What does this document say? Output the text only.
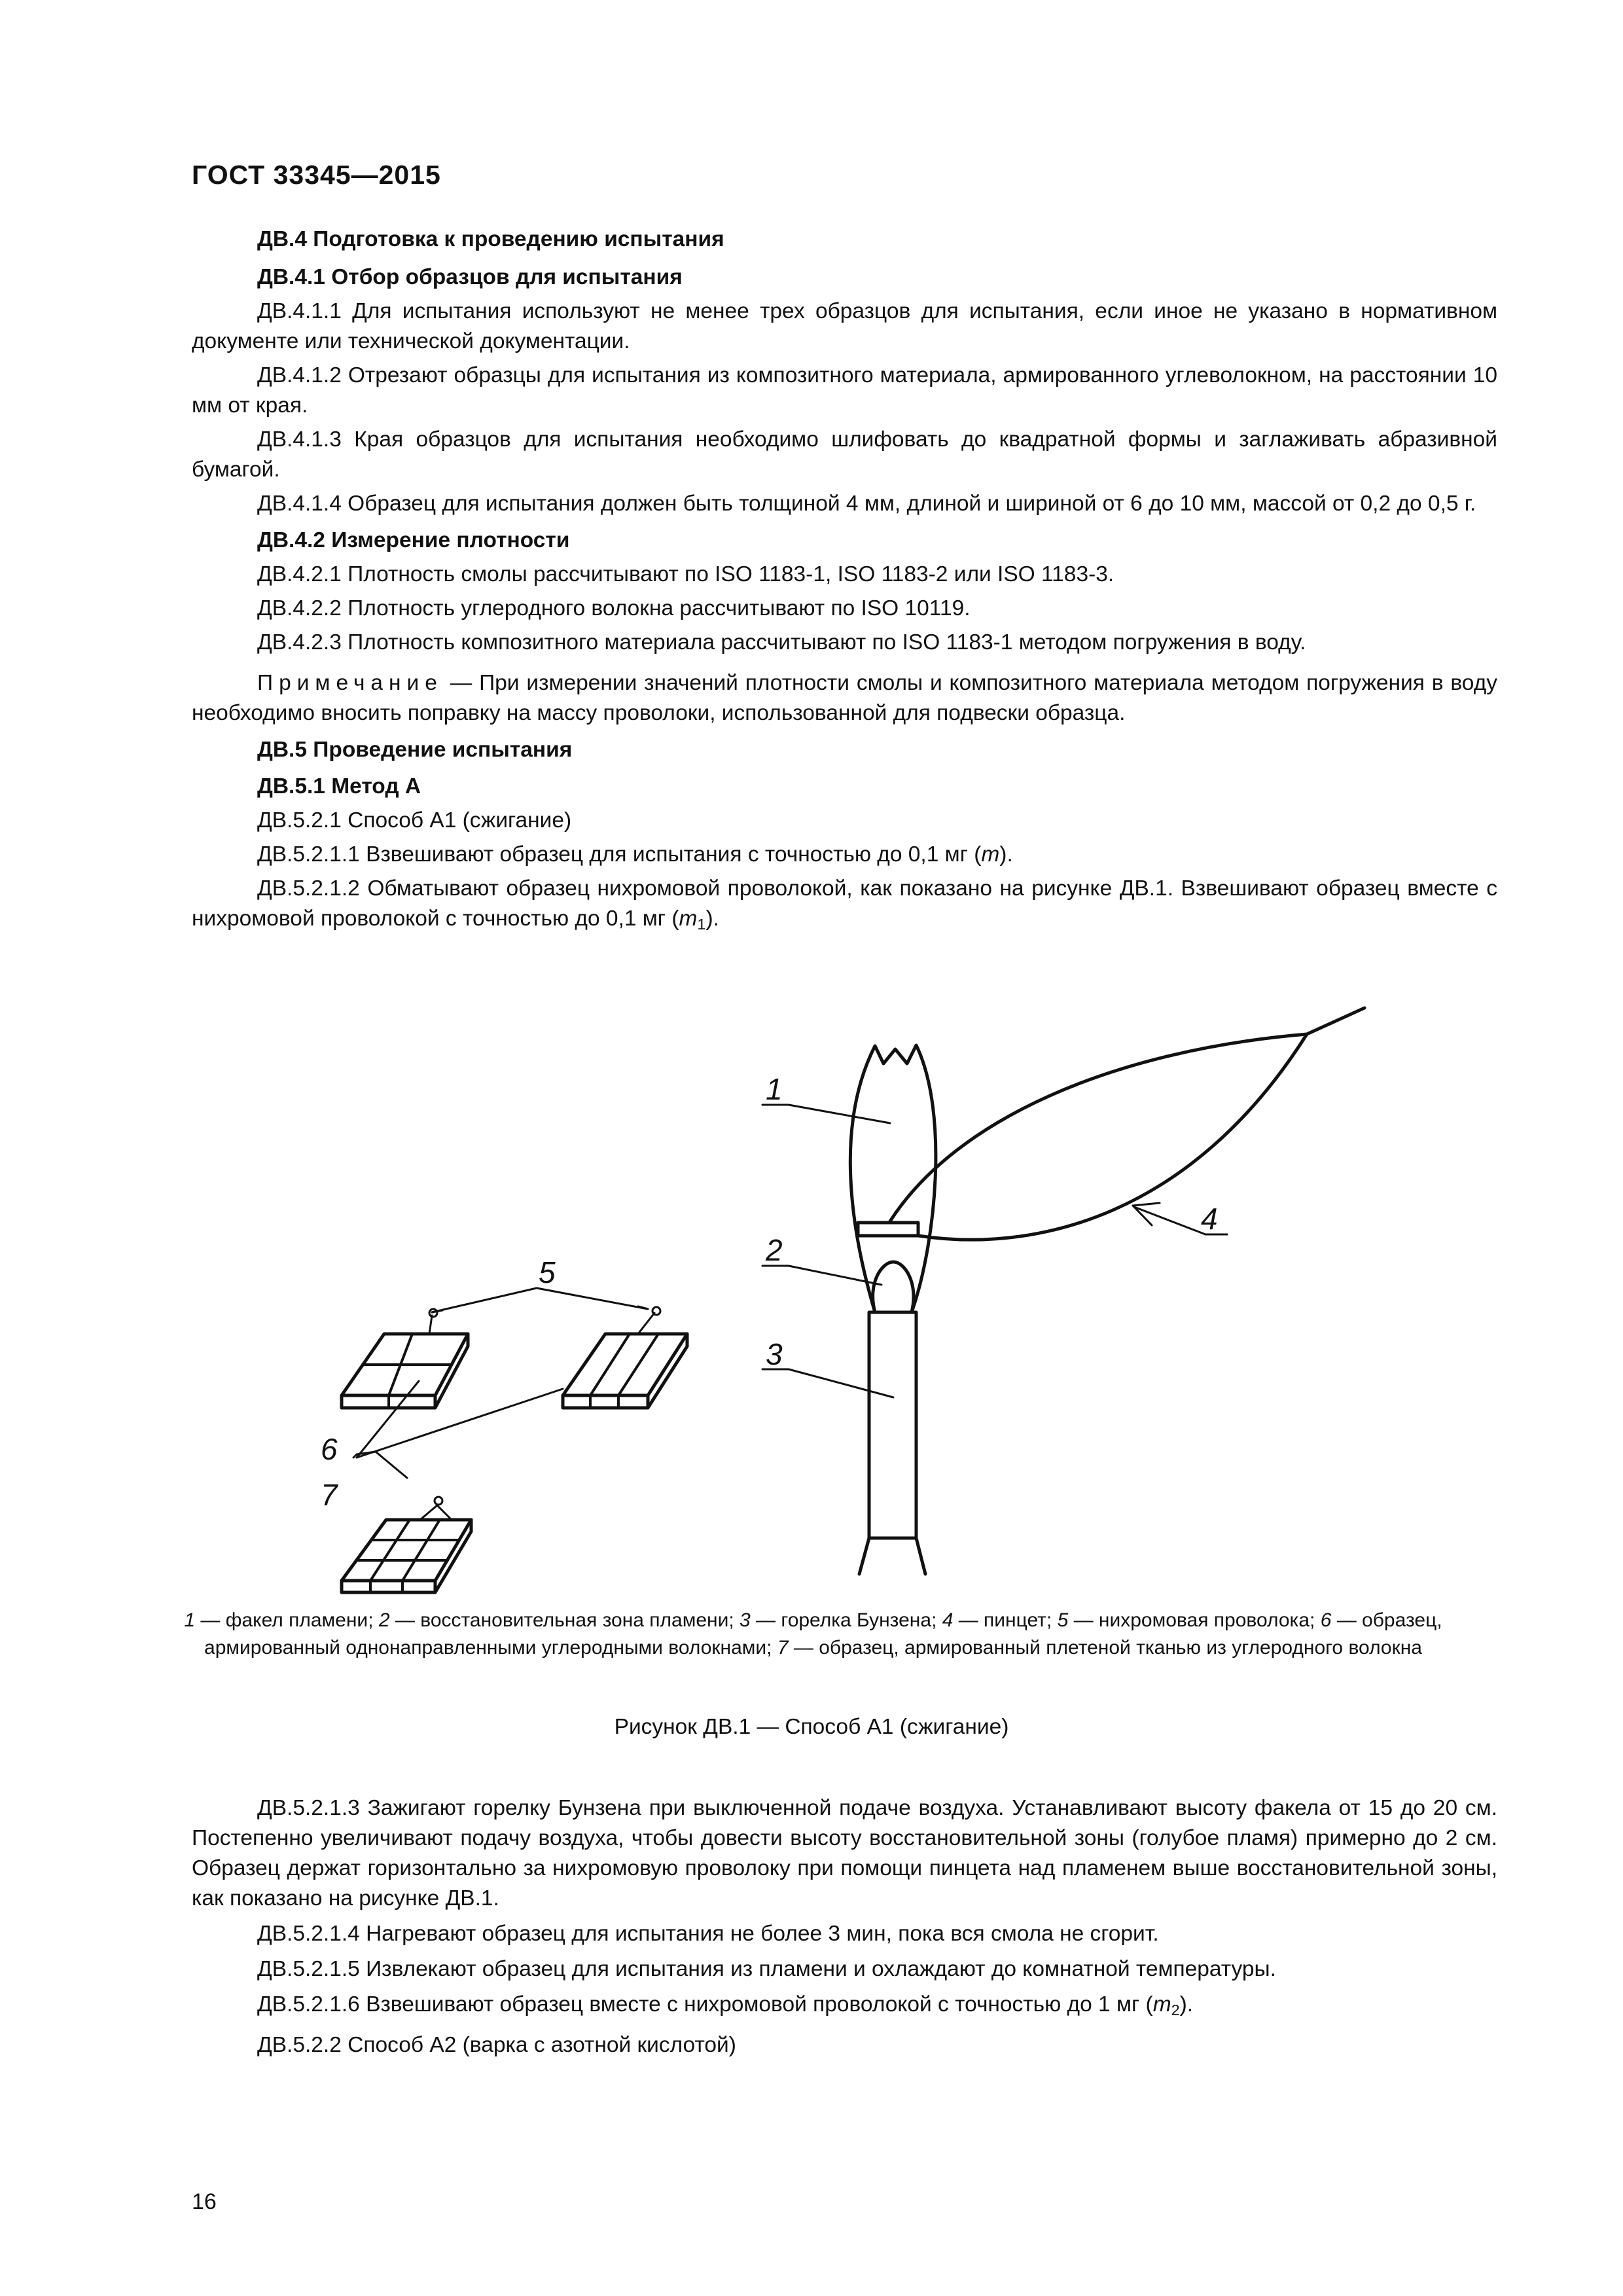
ГОСТ 33345—2015

ДВ.4 Подготовка к проведению испытания

ДВ.4.1 Отбор образцов для испытания

ДВ.4.1.1 Для испытания используют не менее трех образцов для испытания, если иное не указано в нормативном документе или технической документации.

ДВ.4.1.2 Отрезают образцы для испытания из композитного материала, армированного углеволокном, на расстоянии 10 мм от края.

ДВ.4.1.3 Края образцов для испытания необходимо шлифовать до квадратной формы и заглаживать абразивной бумагой.

ДВ.4.1.4 Образец для испытания должен быть толщиной 4 мм, длиной и шириной от 6 до 10 мм, массой от 0,2 до 0,5 г.

ДВ.4.2 Измерение плотности

ДВ.4.2.1 Плотность смолы рассчитывают по ISO 1183-1, ISO 1183-2 или ISO 1183-3.

ДВ.4.2.2 Плотность углеродного волокна рассчитывают по ISO 10119.

ДВ.4.2.3 Плотность композитного материала рассчитывают по ISO 1183-1 методом погружения в воду.

Примечание — При измерении значений плотности смолы и композитного материала методом погружения в воду необходимо вносить поправку на массу проволоки, использованной для подвески образца.

ДВ.5 Проведение испытания

ДВ.5.1 Метод А

ДВ.5.2.1 Способ А1 (сжигание)

ДВ.5.2.1.1 Взвешивают образец для испытания с точностью до 0,1 мг (m).

ДВ.5.2.1.2 Обматывают образец нихромовой проволокой, как показано на рисунке ДВ.1. Взвешивают образец вместе с нихромовой проволокой с точностью до 0,1 мг $(m_1)$.

1
2
3
4
5
6
7
1 — факел пламени; 2 — восстановительная зона пламени; 3 — горелка Бунзена; 4 — пинцет; 5 — нихромовая проволока; 6 — образец, армированный однонаправленными углеродными волокнами; 7 — образец, армированный плетеной тканью из углеродного волокна
Рисунок ДВ.1 — Способ А1 (сжигание)

ДВ.5.2.1.3 Зажигают горелку Бунзена при выключенной подаче воздуха. Устанавливают высоту факела от 15 до 20 см. Постепенно увеличивают подачу воздуха, чтобы довести высоту восстановительной зоны (голубое пламя) примерно до 2 см. Образец держат горизонтально за нихромовую проволоку при помощи пинцета над пламенем выше восстановительной зоны, как показано на рисунке ДВ.1.

ДВ.5.2.1.4 Нагревают образец для испытания не более 3 мин, пока вся смола не сгорит.

ДВ.5.2.1.5 Извлекают образец для испытания из пламени и охлаждают до комнатной температуры.

ДВ.5.2.1.6 Взвешивают образец вместе с нихромовой проволокой с точностью до 1 мг $(m_2)$.

ДВ.5.2.2 Способ А2 (варка с азотной кислотой)

16
